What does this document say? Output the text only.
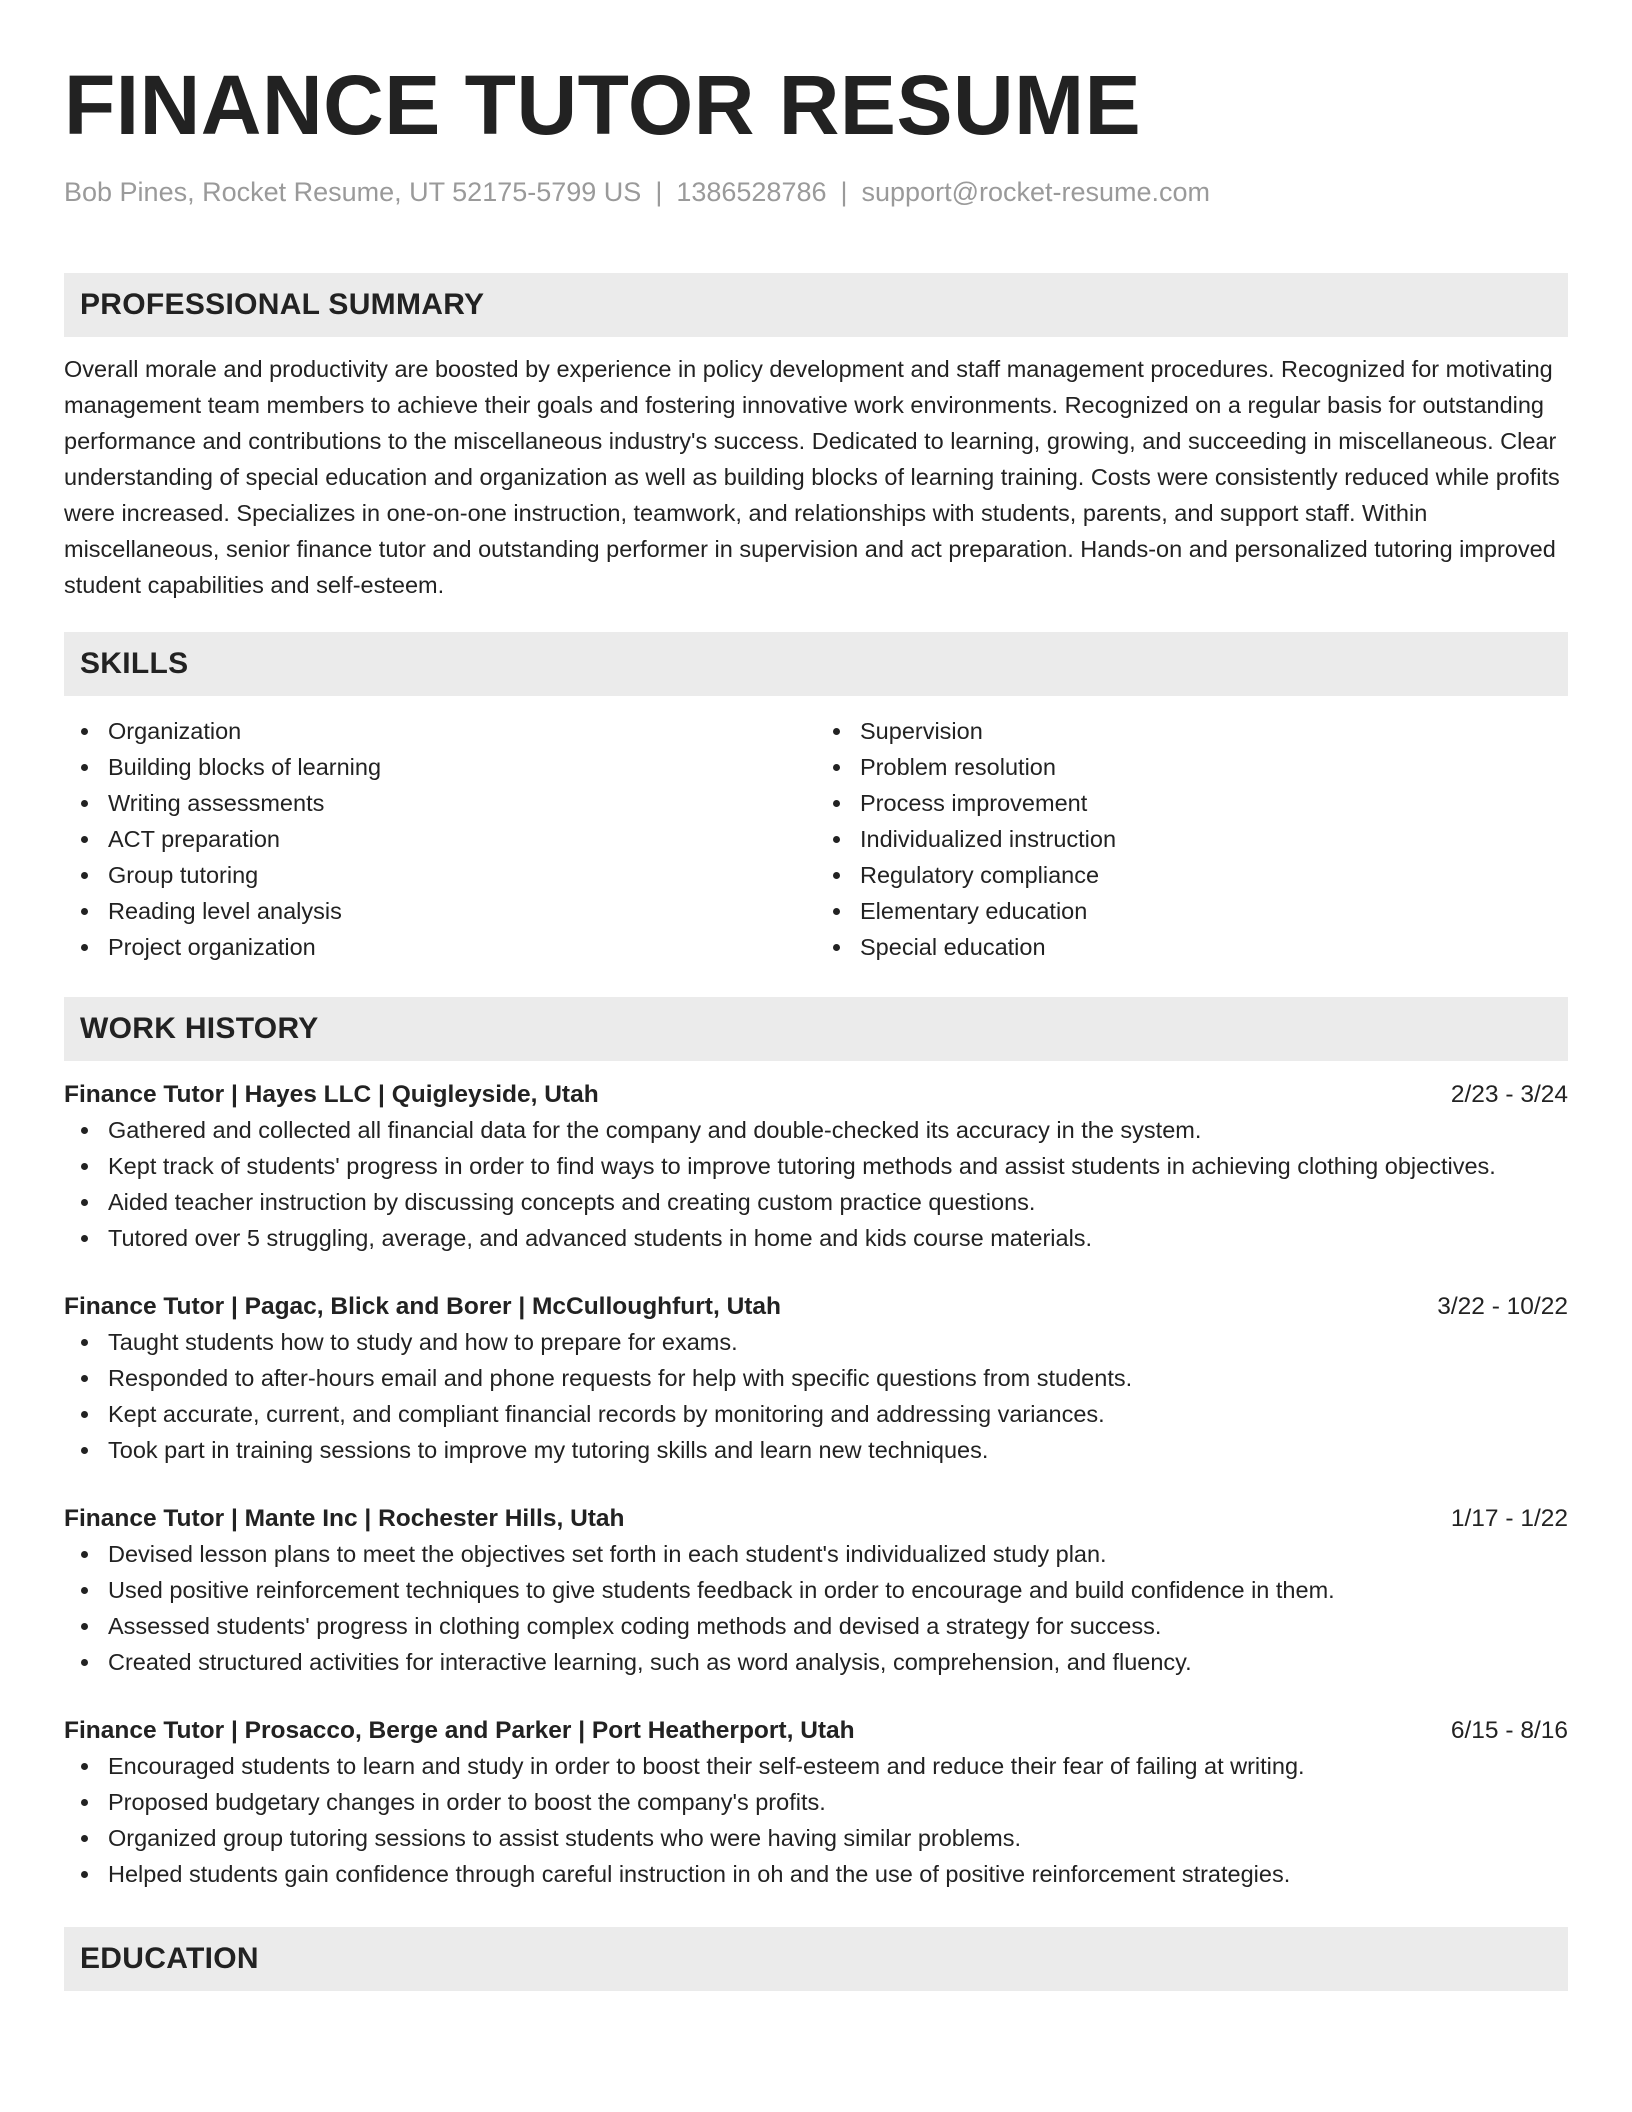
FINANCE TUTOR RESUME
Bob Pines, Rocket Resume, UT 52175-5799 US | 1386528786 | support@rocket-resume.com
PROFESSIONAL SUMMARY

Overall morale and productivity are boosted by experience in policy development and staff management procedures. Recognized for motivating management team members to achieve their goals and fostering innovative work environments. Recognized on a regular basis for outstanding performance and contributions to the miscellaneous industry's success. Dedicated to learning, growing, and succeeding in miscellaneous. Clear understanding of special education and organization as well as building blocks of learning training. Costs were consistently reduced while profits were increased. Specializes in one-on-one instruction, teamwork, and relationships with students, parents, and support staff. Within miscellaneous, senior finance tutor and outstanding performer in supervision and act preparation. Hands-on and personalized tutoring improved student capabilities and self-esteem.

SKILLS
Organization
Building blocks of learning
Writing assessments
ACT preparation
Group tutoring
Reading level analysis
Project organization
Supervision
Problem resolution
Process improvement
Individualized instruction
Regulatory compliance
Elementary education
Special education
WORK HISTORY
Finance Tutor | Hayes LLC | Quigleyside, Utah	2/23 - 3/24
Gathered and collected all financial data for the company and double-checked its accuracy in the system.
Kept track of students' progress in order to find ways to improve tutoring methods and assist students in achieving clothing objectives.
Aided teacher instruction by discussing concepts and creating custom practice questions.
Tutored over 5 struggling, average, and advanced students in home and kids course materials.
Finance Tutor | Pagac, Blick and Borer | McCulloughfurt, Utah	3/22 - 10/22
Taught students how to study and how to prepare for exams.
Responded to after-hours email and phone requests for help with specific questions from students.
Kept accurate, current, and compliant financial records by monitoring and addressing variances.
Took part in training sessions to improve my tutoring skills and learn new techniques.
Finance Tutor | Mante Inc | Rochester Hills, Utah	1/17 - 1/22
Devised lesson plans to meet the objectives set forth in each student's individualized study plan.
Used positive reinforcement techniques to give students feedback in order to encourage and build confidence in them.
Assessed students' progress in clothing complex coding methods and devised a strategy for success.
Created structured activities for interactive learning, such as word analysis, comprehension, and fluency.
Finance Tutor | Prosacco, Berge and Parker | Port Heatherport, Utah	6/15 - 8/16
Encouraged students to learn and study in order to boost their self-esteem and reduce their fear of failing at writing.
Proposed budgetary changes in order to boost the company's profits.
Organized group tutoring sessions to assist students who were having similar problems.
Helped students gain confidence through careful instruction in oh and the use of positive reinforcement strategies.
EDUCATION
